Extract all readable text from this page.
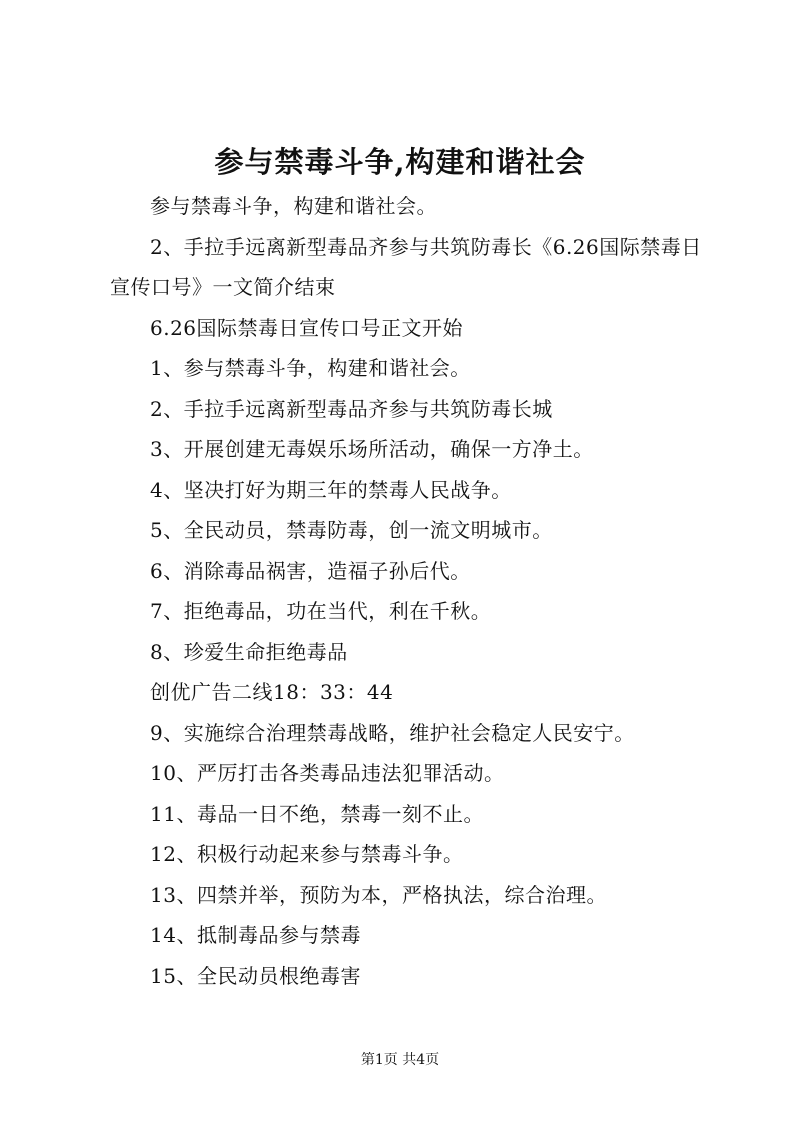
参与禁毒斗争,构建和谐社会
参与禁毒斗争，构建和谐社会。
2、手拉手远离新型毒品齐参与共筑防毒长《6.26国际禁毒日宣传口号》一文简介结束
6.26国际禁毒日宣传口号正文开始
1、参与禁毒斗争，构建和谐社会。
2、手拉手远离新型毒品齐参与共筑防毒长城
3、开展创建无毒娱乐场所活动，确保一方净土。
4、坚决打好为期三年的禁毒人民战争。
5、全民动员，禁毒防毒，创一流文明城市。
6、消除毒品祸害，造福子孙后代。
7、拒绝毒品，功在当代，利在千秋。
8、珍爱生命拒绝毒品
创优广告二线18：33：44
9、实施综合治理禁毒战略，维护社会稳定人民安宁。
10、严厉打击各类毒品违法犯罪活动。
11、毒品一日不绝，禁毒一刻不止。
12、积极行动起来参与禁毒斗争。
13、四禁并举，预防为本，严格执法，综合治理。
14、抵制毒品参与禁毒
15、全民动员根绝毒害
第1页 共4页
